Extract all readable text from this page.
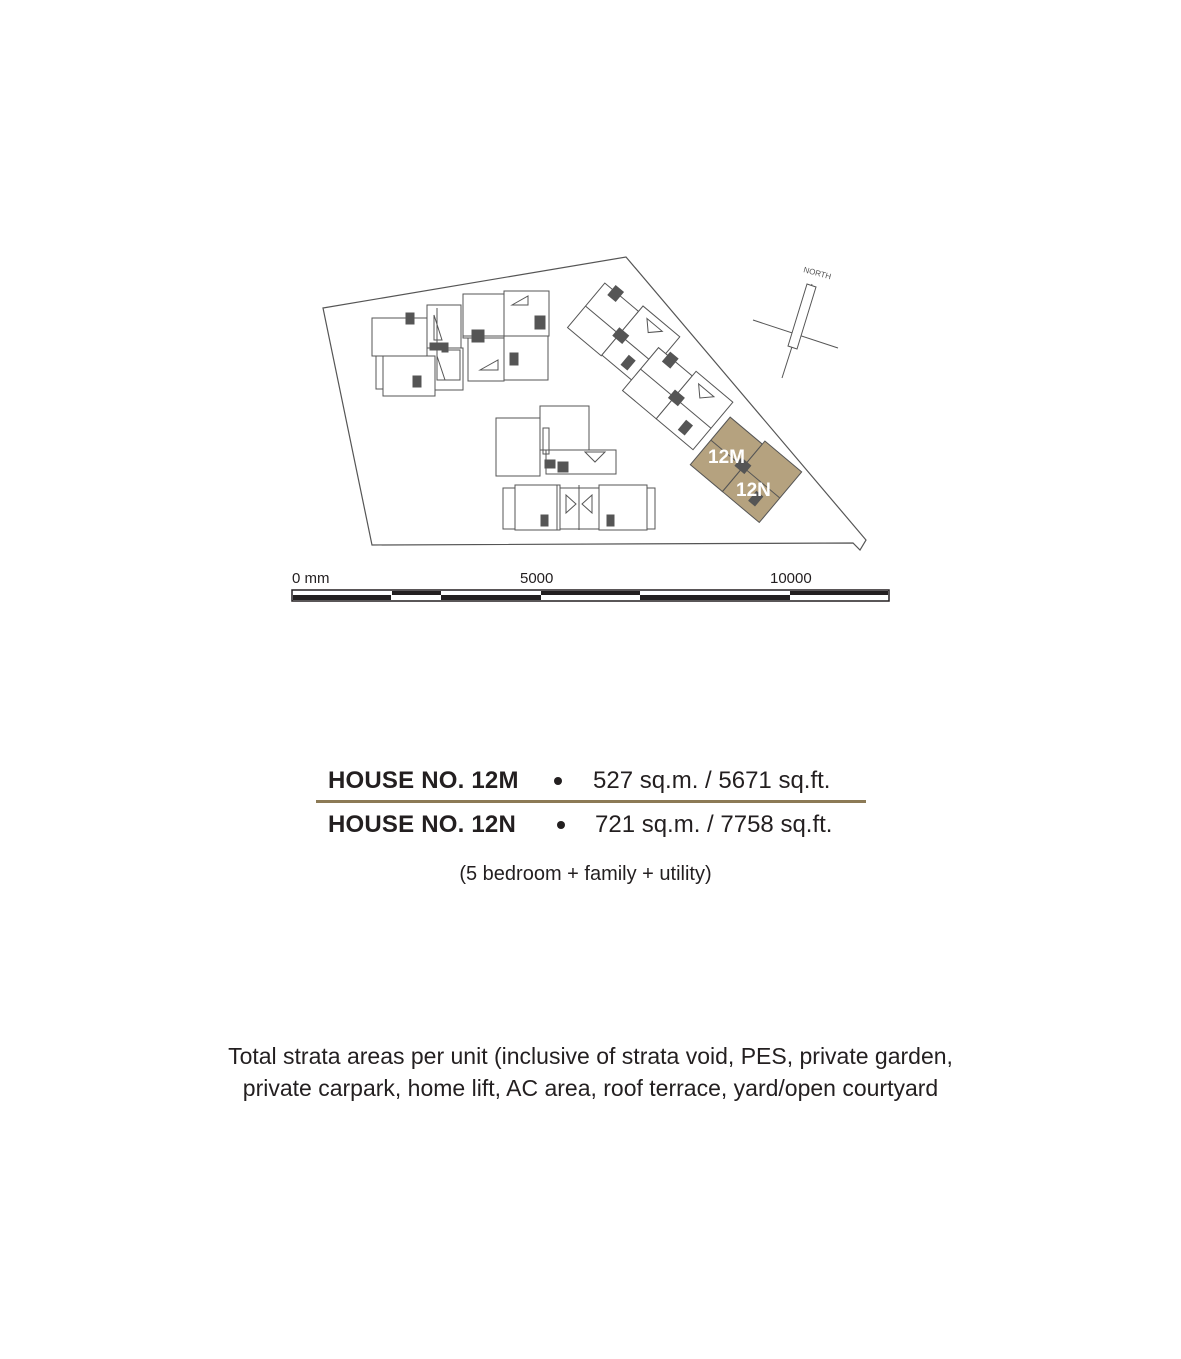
12M
12N
NORTH
0 mm	5000	10000
HOUSE NO. 12M	527 sq.m. / 5671 sq.ft.
HOUSE NO. 12N	721 sq.m. / 7758 sq.ft.
(5 bedroom + family + utility)
Total strata areas per unit (inclusive of strata void, PES, private garden,
private carpark, home lift, AC area, roof terrace, yard/open courtyard
